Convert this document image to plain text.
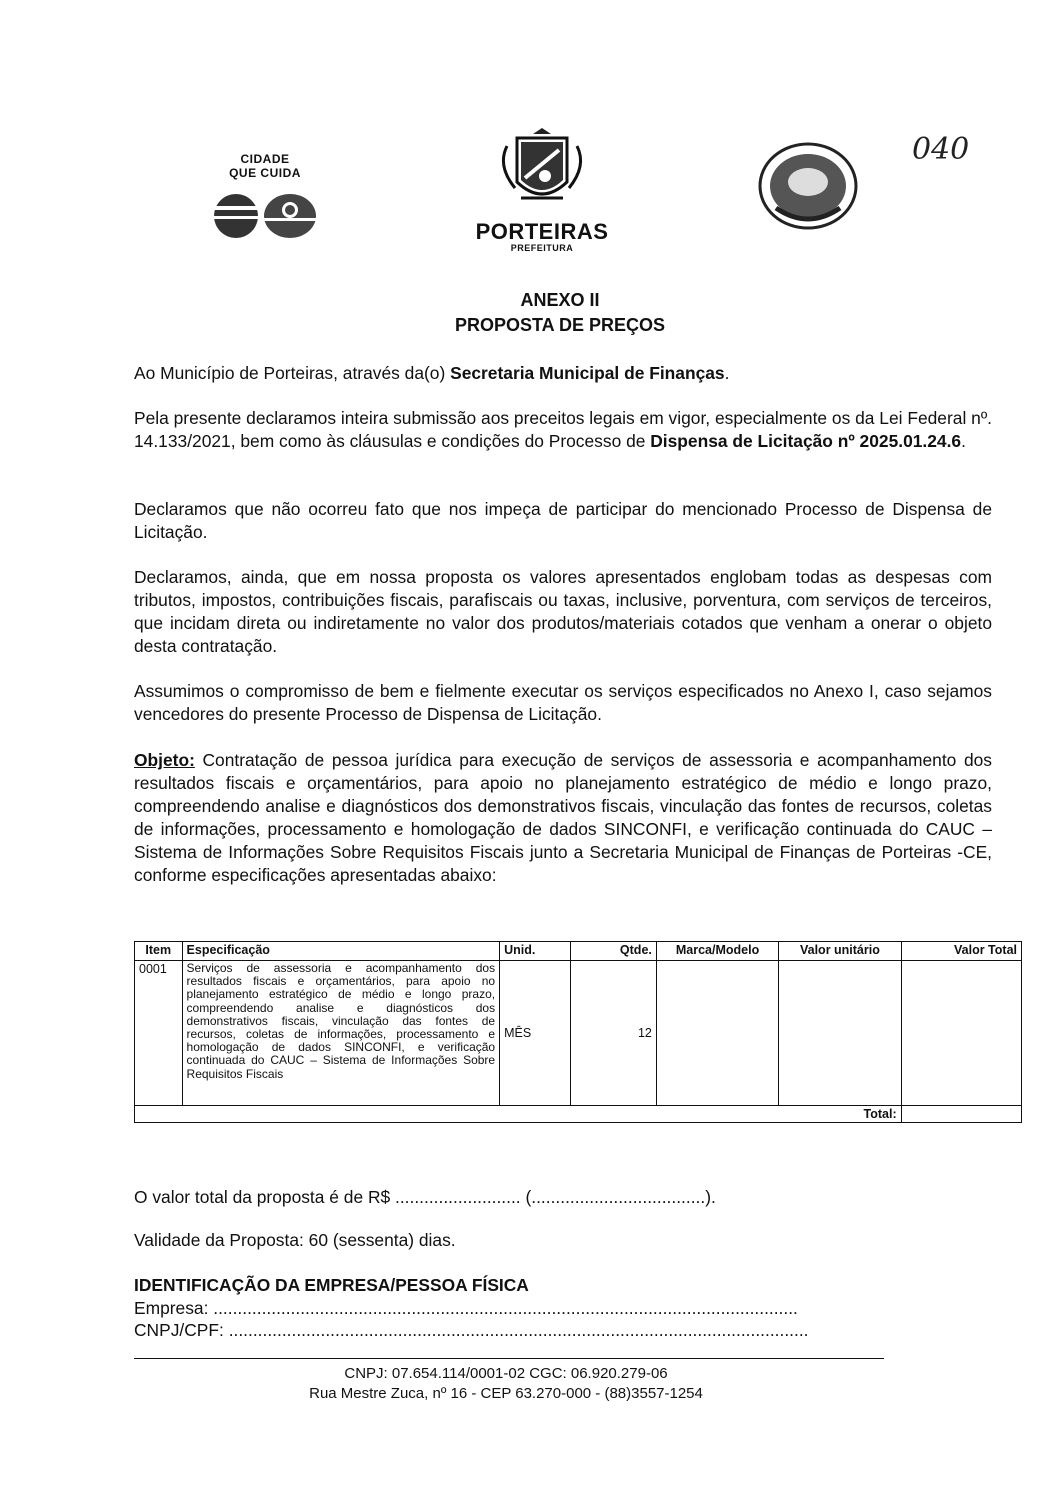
CIDADE
QUE CUIDA
PORTEIRAS
PREFEITURA
040
ANEXO II
PROPOSTA DE PREÇOS
Ao Município de Porteiras, através da(o) Secretaria Municipal de Finanças.
Pela presente declaramos inteira submissão aos preceitos legais em vigor, especialmente os da Lei Federal nº. 14.133/2021, bem como às cláusulas e condições do Processo de Dispensa de Licitação nº 2025.01.24.6.
Declaramos que não ocorreu fato que nos impeça de participar do mencionado Processo de Dispensa de Licitação.
Declaramos, ainda, que em nossa proposta os valores apresentados englobam todas as despesas com tributos, impostos, contribuições fiscais, parafiscais ou taxas, inclusive, porventura, com serviços de terceiros, que incidam direta ou indiretamente no valor dos produtos/materiais cotados que venham a onerar o objeto desta contratação.
Assumimos o compromisso de bem e fielmente executar os serviços especificados no Anexo I, caso sejamos vencedores do presente Processo de Dispensa de Licitação.
Objeto: Contratação de pessoa jurídica para execução de serviços de assessoria e acompanhamento dos resultados fiscais e orçamentários, para apoio no planejamento estratégico de médio e longo prazo, compreendendo analise e diagnósticos dos demonstrativos fiscais, vinculação das fontes de recursos, coletas de informações, processamento e homologação de dados SINCONFI, e verificação continuada do CAUC – Sistema de Informações Sobre Requisitos Fiscais junto a Secretaria Municipal de Finanças de Porteiras -CE, conforme especificações apresentadas abaixo:
Item	Especificação	Unid.	Qtde.	Marca/Modelo	Valor unitário	Valor Total
0001	Serviços de assessoria e acompanhamento dos resultados fiscais e orçamentários, para apoio no planejamento estratégico de médio e longo prazo, compreendendo analise e diagnósticos dos demonstrativos fiscais, vinculação das fontes de recursos, coletas de informações, processamento e homologação de dados SINCONFI, e verificação continuada do CAUC – Sistema de Informações Sobre Requisitos Fiscais	MÊS	12			
Total:						
O valor total da proposta é de R$ .......................... (....................................).
Validade da Proposta: 60 (sessenta) dias.
IDENTIFICAÇÃO DA EMPRESA/PESSOA FÍSICA
Empresa: .........................................................................................................................
CNPJ/CPF: ........................................................................................................................
CNPJ: 07.654.114/0001-02 CGC: 06.920.279-06
Rua Mestre Zuca, nº 16 - CEP 63.270-000 - (88)3557-1254
